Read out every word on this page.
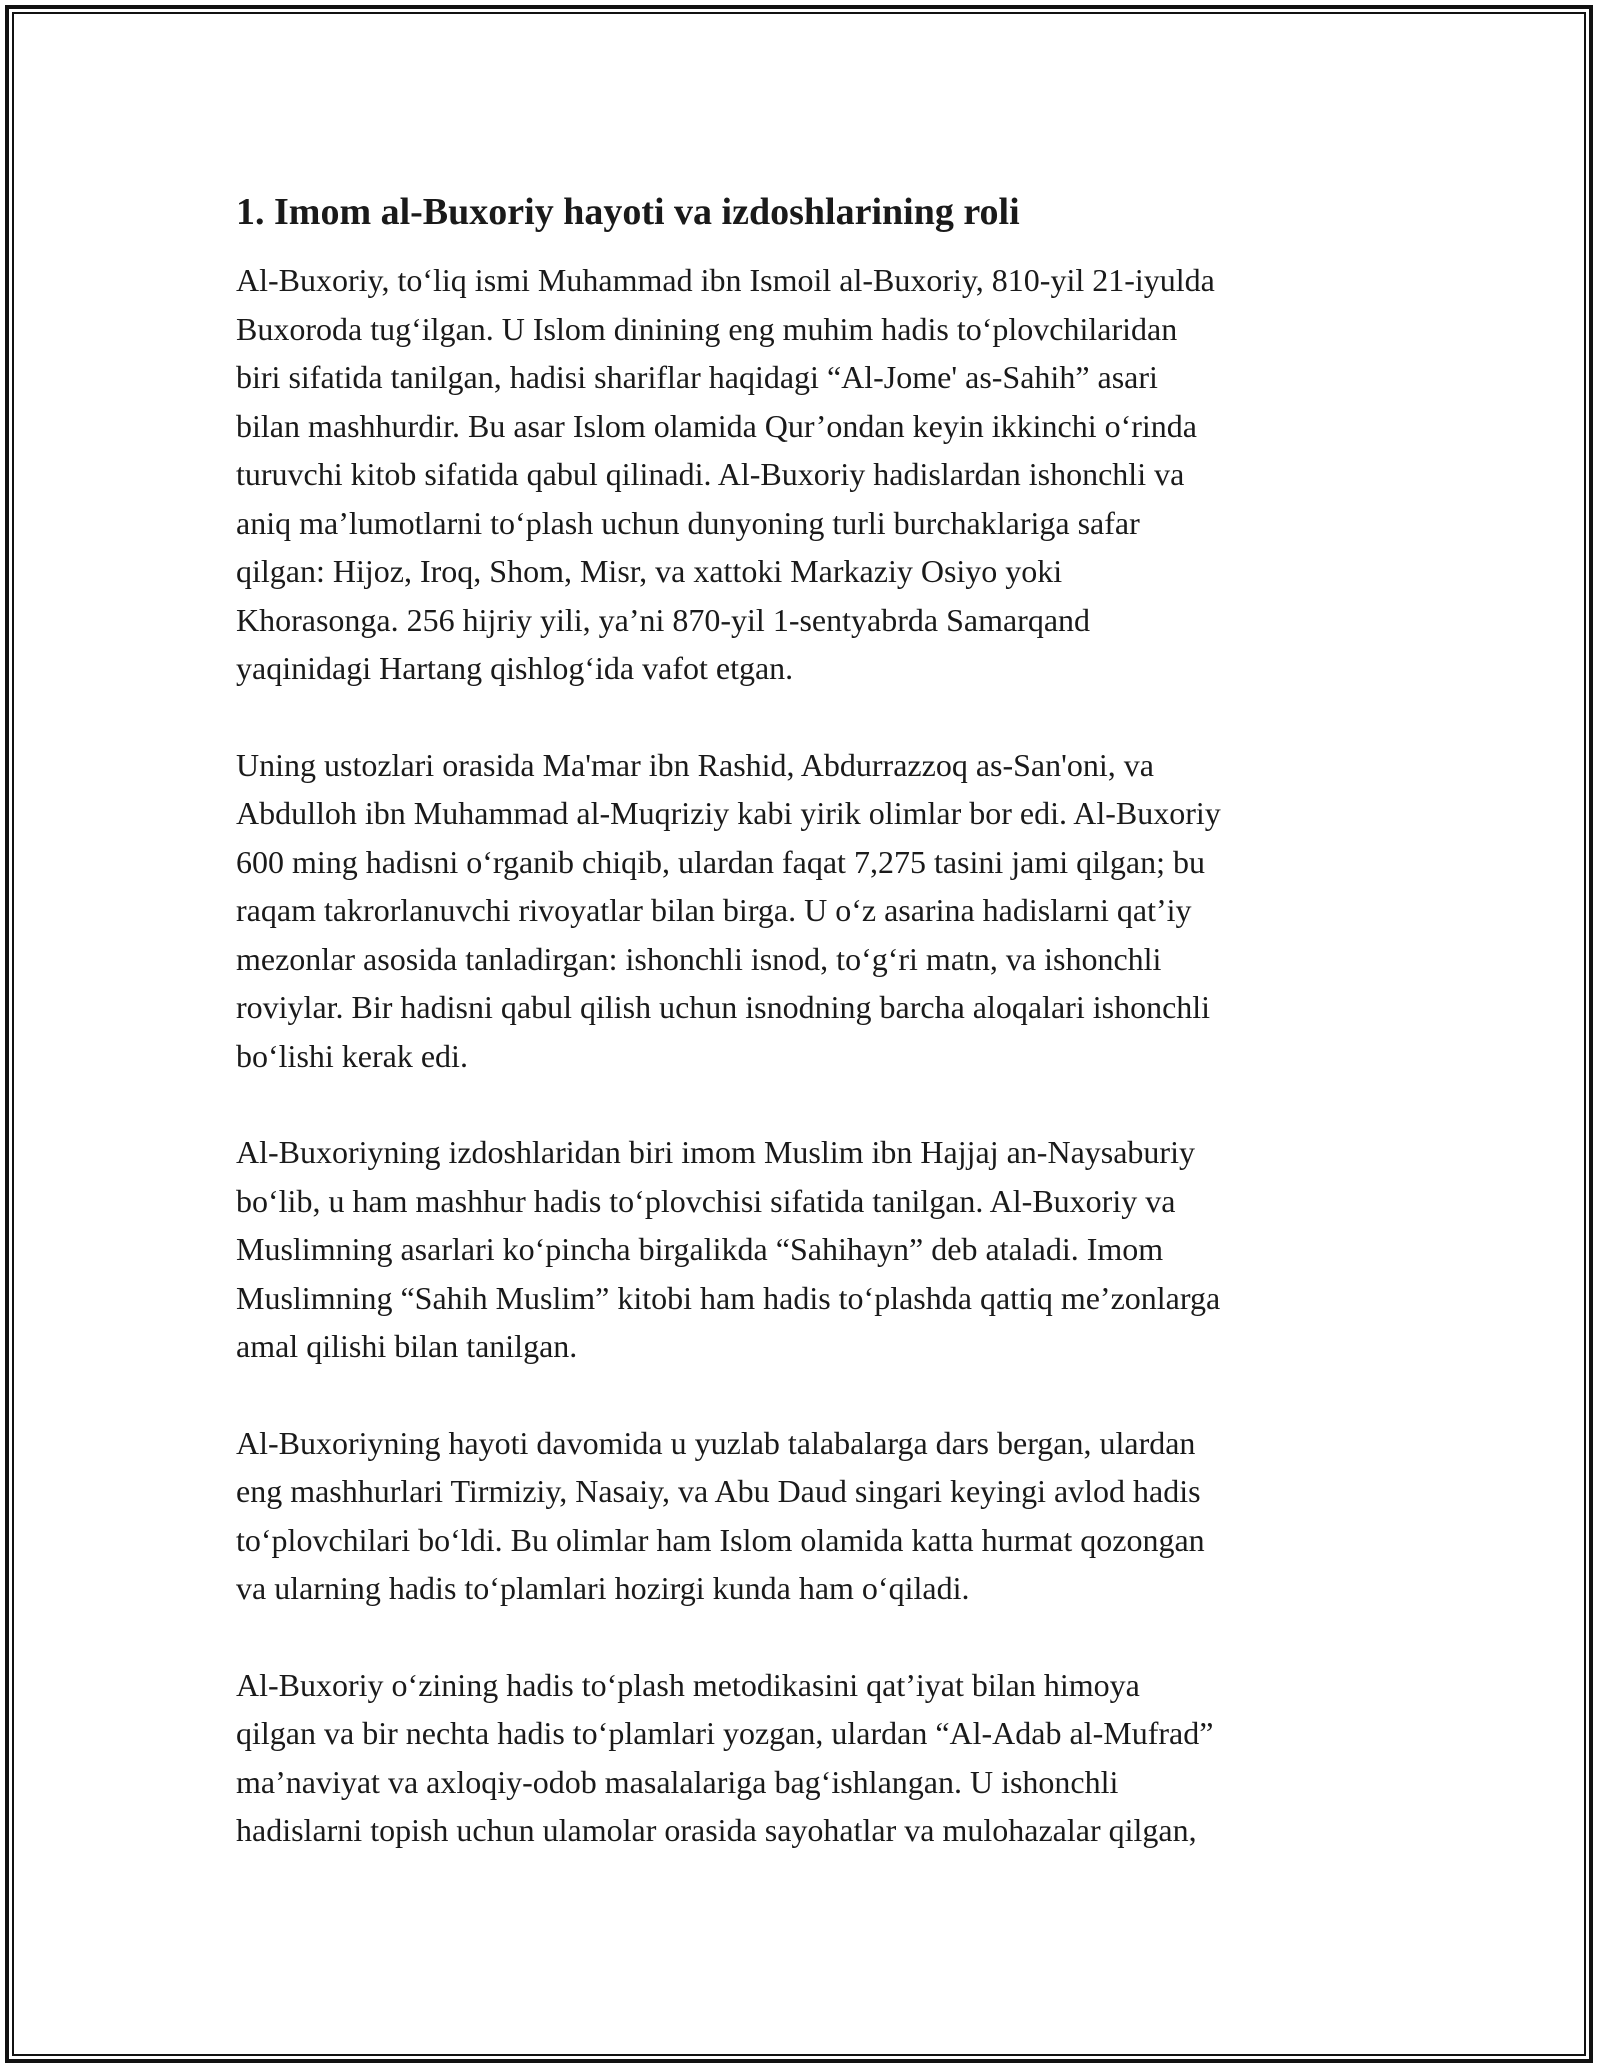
1. Imom al-Buxoriy hayoti va izdoshlarining roli

Al-Buxoriy, to‘liq ismi Muhammad ibn Ismoil al-Buxoriy, 810-yil 21-iyulda
Buxoroda tug‘ilgan. U Islom dinining eng muhim hadis to‘plovchilaridan
biri sifatida tanilgan, hadisi shariflar haqidagi “Al-Jome' as-Sahih” asari
bilan mashhurdir. Bu asar Islom olamida Qur’ondan keyin ikkinchi o‘rinda
turuvchi kitob sifatida qabul qilinadi. Al-Buxoriy hadislardan ishonchli va
aniq ma’lumotlarni to‘plash uchun dunyoning turli burchaklariga safar
qilgan: Hijoz, Iroq, Shom, Misr, va xattoki Markaziy Osiyo yoki
Khorasonga. 256 hijriy yili, ya’ni 870-yil 1-sentyabrda Samarqand
yaqinidagi Hartang qishlog‘ida vafot etgan.

Uning ustozlari orasida Ma'mar ibn Rashid, Abdurrazzoq as-San'oni, va
Abdulloh ibn Muhammad al-Muqriziy kabi yirik olimlar bor edi. Al-Buxoriy
600 ming hadisni o‘rganib chiqib, ulardan faqat 7,275 tasini jami qilgan; bu
raqam takrorlanuvchi rivoyatlar bilan birga. U o‘z asarina hadislarni qat’iy
mezonlar asosida tanladirgan: ishonchli isnod, to‘g‘ri matn, va ishonchli
roviylar. Bir hadisni qabul qilish uchun isnodning barcha aloqalari ishonchli
bo‘lishi kerak edi.

Al-Buxoriyning izdoshlaridan biri imom Muslim ibn Hajjaj an-Naysaburiy
bo‘lib, u ham mashhur hadis to‘plovchisi sifatida tanilgan. Al-Buxoriy va
Muslimning asarlari ko‘pincha birgalikda “Sahihayn” deb ataladi. Imom
Muslimning “Sahih Muslim” kitobi ham hadis to‘plashda qattiq me’zonlarga
amal qilishi bilan tanilgan.

Al-Buxoriyning hayoti davomida u yuzlab talabalarga dars bergan, ulardan
eng mashhurlari Tirmiziy, Nasaiy, va Abu Daud singari keyingi avlod hadis
to‘plovchilari bo‘ldi. Bu olimlar ham Islom olamida katta hurmat qozongan
va ularning hadis to‘plamlari hozirgi kunda ham o‘qiladi.

Al-Buxoriy o‘zining hadis to‘plash metodikasini qat’iyat bilan himoya
qilgan va bir nechta hadis to‘plamlari yozgan, ulardan “Al-Adab al-Mufrad”
ma’naviyat va axloqiy-odob masalalariga bag‘ishlangan. U ishonchli
hadislarni topish uchun ulamolar orasida sayohatlar va mulohazalar qilgan,
